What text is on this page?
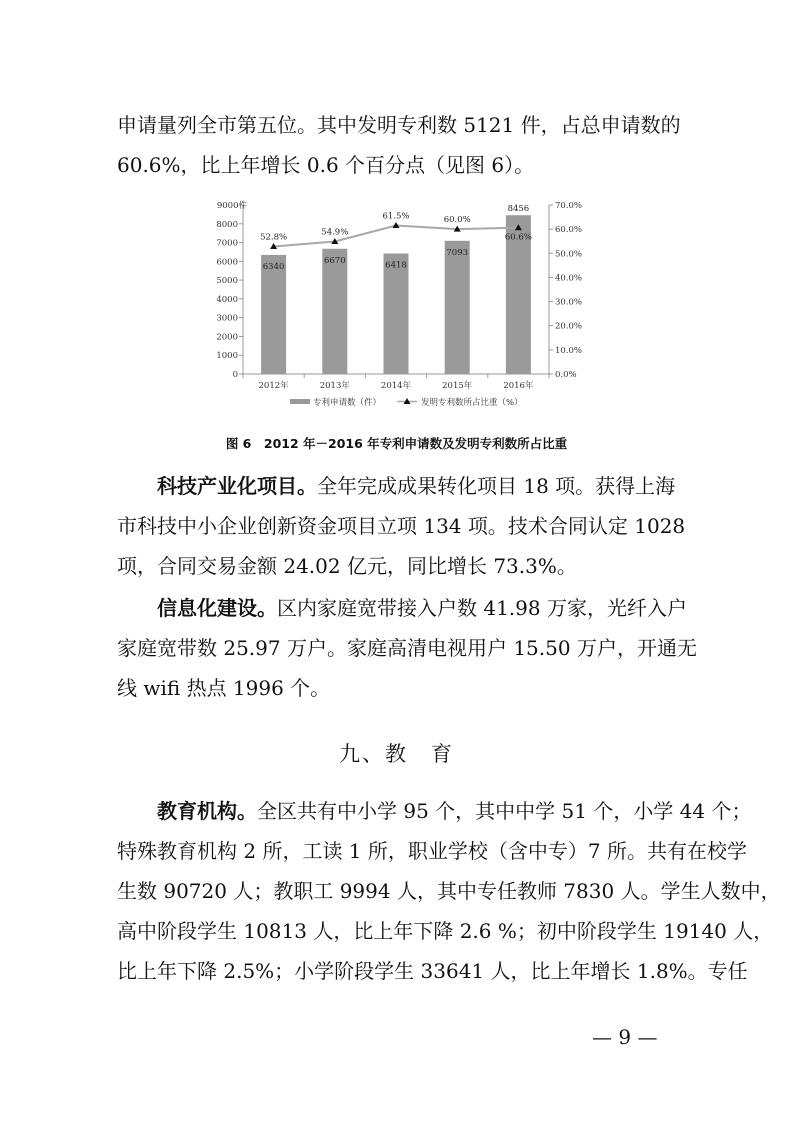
申请量列全市第五位。其中发明专利数 5121 件，占总申请数的
60.6%，比上年增长 0.6 个百分点（见图 6）。
0
1000
2000
3000
4000
5000
6000
7000
8000
9000件
0.0%
10.0%
20.0%
30.0%
40.0%
50.0%
60.0%
70.0%
6340
6670	6418
7093
8456
52.8%
54.9%
61.5%	60.0%
60.6%
2012年	2013年	2014年	2015年	2016年
专利申请数（件）	发明专利数所占比重（%）
图 6　2012 年－2016 年专利申请数及发明专利数所占比重
科技产业化项目。全年完成成果转化项目 18 项。获得上海
市科技中小企业创新资金项目立项 134 项。技术合同认定 1028
项，合同交易金额 24.02 亿元，同比增长 73.3%。
信息化建设。区内家庭宽带接入户数 41.98 万家，光纤入户
家庭宽带数 25.97 万户。家庭高清电视用户 15.50 万户，开通无
线 wifi 热点 1996 个。
九、教　育
教育机构。全区共有中小学 95 个，其中中学 51 个，小学 44 个；
特殊教育机构 2 所，工读 1 所，职业学校（含中专）7 所。共有在校学
生数 90720 人；教职工 9994 人，其中专任教师 7830 人。学生人数中，
高中阶段学生 10813 人，比上年下降 2.6 %；初中阶段学生 19140 人，
比上年下降 2.5%；小学阶段学生 33641 人，比上年增长 1.8%。专任
— 9 —
